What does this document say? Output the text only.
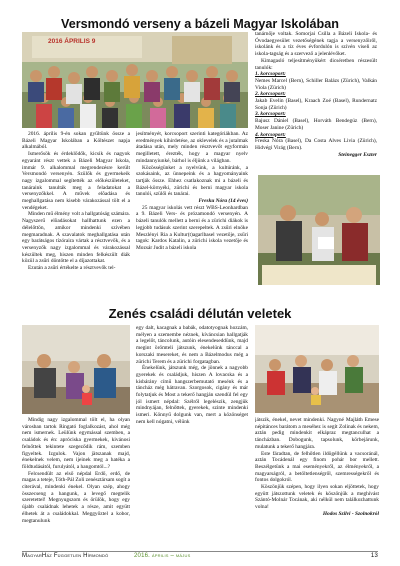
Versmondó verseny a bázeli Magyar Iskolában
2016 ÁPRILIS 9

2016. április 9-én sokan gyűltünk össze a Bázeli Magyar Iskolában a Költészet napja alkalmából.

Ismerősök és érdeklődők, kicsik és nagyok egyaránt részt vettek a Bázeli Magyar Iskola, immár 9. alkalommal megrendezésre került Versmondó versenyén. Szülők és gyermekeik nagy izgalommal segítették az előkészületeket, tanáraink tanulták meg a feladatokat a versenyzőkkel. A művek elõadása és meghallgatása nem kisebb várakozással tölt el a vendégeket.

Minden mű élmény volt a hallgatóság számára. Nagyszerű elõadásokat hallhattunk ezen a délelőttön, amikor mindenki szívében megmaradnak. A szavalatok meghallgatása után egy barátságos tízóraira vártak a résztvevők, és a versenyzők nagy izgalommal és várakozással készültek meg, hiszen minden felkészült diák közül a zsűri döntötte el a díjazottakat.

Ezután a zsűri értékelte a résztvevők tel-

jesítményét, korcsoport szerinti kategóriákban. Az eredmények kihirdetése, az oklevelek és a jutalmak átadása után, mely minden résztvevőt egyformán megilletett, érezték, hogy a magyar nyelv mindannyiunké, bárhol is éljünk a világban.

Közösségünket a nyelvünk, a kultúránk, a szokásaink, az ünnepeink és a hagyományaink tartják össze. Ehhez csatlakoznak mi a bázeli és Bázel-környéki, zürichi és berni magyar iskola tanulói, szülői és tanárai.

Fresku Nóra (14 éves)

25 magyar iskolás vett részt WBS-Leonhardban a 9. Bázeli Vers- és prózamondó versenyén. A bázeli tanulók mellett a berni és a zürichi diákok is legjobb tudásuk szerint szerepeltek. A zsűri elnöke Meszlényi Ria a Kultur(t)agarlbasel vezetője, zsűri tagok: Kardos Katalin, a zürichi iskola vezetője és Mozsár Judit a bázeli iskola

tanárnője voltak. Somorjai Csilla a Bázeli Iskola- és Óvodaegyesület vezetőségének tagja a versenyzőiről, iskolánk és a tíz éves évfordulón is szívén viseli az iskola-tagság és a szervező a jelenlévőket.

Kimagasló teljesítményükért dicséretben részesült tanulók:

1. korcsoport:

Nemes Marcel (Bern), Schiller Balázs (Zürich), Valkán Viola (Zürich)

2. korcsoport:

Jakab Evelin (Basel), Kraach Zoé (Basel), Rundernatz Sonja (Zürich)

3. korcsoport:

Bajusz Dániel (Basel), Horváth Bendegúz (Bern), Moser Janine (Zürich)

4. korcsoport:

Freska Nóra (Basel), Da Costa Alves Livia (Zürich), Hidvégi Virág (Bern).

Steinegger Eszter

Zenés családi délután veletek

Mindig nagy izgalommal tölt el, ha olyan városban tartok Ringató foglalkozást, ahol még nem ismernek. Leülünk egymással szemben, a családok és én: apróciska gyermekek, kivánosi felnőttek tekintete szegeződik rám, szemben figyeltek. Izgulok. Vajon jätszanak majd, énekelnek velem, nem ijeinek meg a hatéka a földtudásától, furulyától, a hangomtól...?

Felcsendült az első népdal Erdő, erdő, de magas a teteje, Tóth-Pál Zoli zenésztársam sogít a citerával, mindenki énekel. Olyan szép, ahogy összecseng a hangunk, a levegő megtelik szeretettel! Megnyugszom és örülök, hogy egy újabb családnak lehetek a része, amit együtt élhetek át a családokkal. Meggyőztel a kobor, megtanulunk

egy dalt, kacagnak a babák, odatotyognak hozzám, mélyen a szemembe néznek, kíváncsian hallgatják a legelőt, táncolunk, autóin elesendeseddünk, majd megint örömteli játszunk, énekelünk tánccal a korszaki mesereket, és nem a Bázelmodus még a zürichi Terem és a zürichi forgatagban.

Énekelünk, játszunk még, de jönnek a nagyobb gyerekek és családjuk, hiszen A lovacska és a kisbárány című hangszerbemutató mesénk és a táncház még hátravan. Szorgosok, cigány és már folytatjuk és Most a tekerő hangján szendül fel egy jól ismert népdal: Szélről legelészik, zengjük mindnyájan, felnőttek, gyerekek, szinte mindenki ismeri. Könnyű dolgunk van, mert a közönséget nem kell nógatni, vélünk	játszik, énekel, nevet mindenki. Nagyné Majláth Emese népitánces barátom a meséhez is segít Zolinak és nekem, aztán pedig mindenkit elkápraz megtanculhat a táncházban. Dobogunk, tapsolunk, körbejárunk, mulatunk a tekerő hangjára.

Este fáradtan, de felhőtlen ildögéllünk a vacsoránál, aztán Tocádenál egy finom pohár bor mellett. Beszélgetünk a mai eseményekről, az élményekről, a magyarságról, a betöltetlenségről, szemrességekről és fontos dolgokról.

Köszönjük szépen, hogy ilyen sokan eljöttetek, hogy együtt játszottunk veletek és köszönjük a meghívást Szántó-Molnár Tocának, aki nélkül nem találkozhattunk volna!

Hodos Szilvi - Szolnokról

MagyarHáz Független Hírmondó	2016. április – május	13
